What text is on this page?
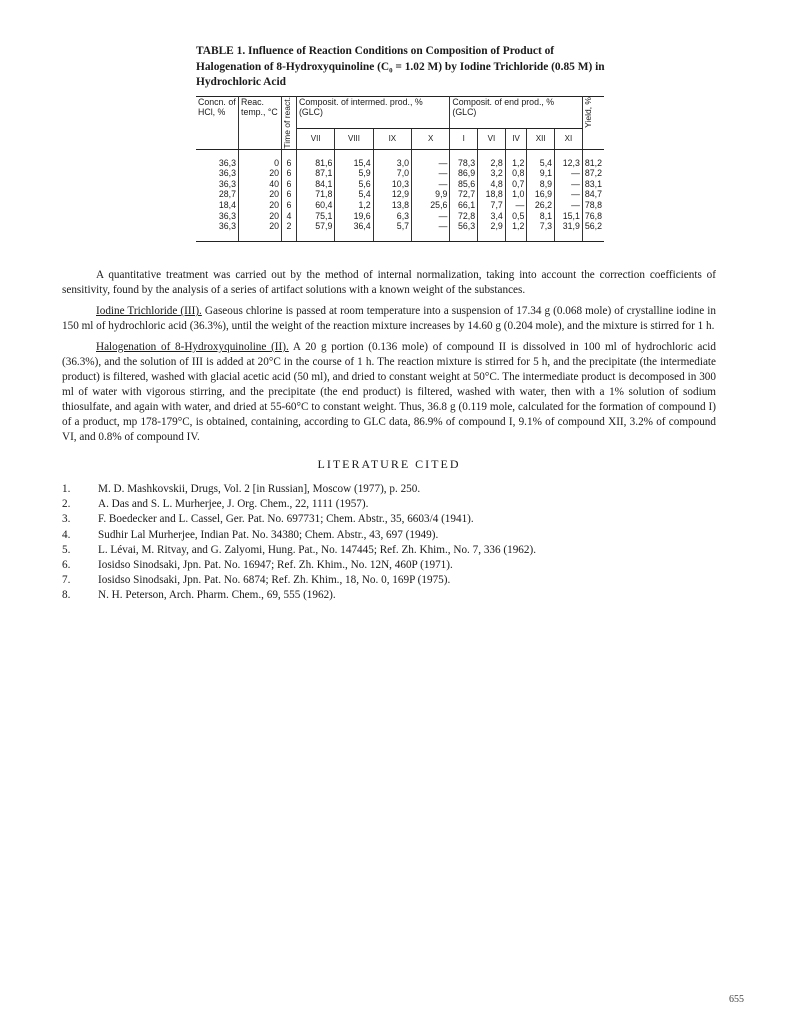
TABLE 1. Influence of Reaction Conditions on Composition of Product of Halogenation of 8-Hydroxyquinoline (C₀ = 1.02 M) by Iodine Trichloride (0.85 M) in Hydrochloric Acid
Concn. of HCl, %	Reac. temp., °C	Time of react.	Composit. of intermed. prod., % (GLC)				Composit. of end prod., % (GLC)					Yield, %

			VII	VIII	IX	X	I	VI	IV	XII	XI	
36,3	0	6	81,6	15,4	3,0	—	78,3	2,8	1,2	5,4	12,3	81,2
36,3	20	6	87,1	5,9	7,0	—	86,9	3,2	0,8	9,1	—	87,2
36,3	40	6	84,1	5,6	10,3	—	85,6	4,8	0,7	8,9	—	83,1
28,7	20	6	71,8	5,4	12,9	9,9	72,7	18,8	1,0	16,9	—	84,7
18,4	20	6	60,4	1,2	13,8	25,6	66,1	7,7	—	26,2	—	78,8
36,3	20	4	75,1	19,6	6,3	—	72,8	3,4	0,5	8,1	15,1	76,8
36,3	20	2	57,9	36,4	5,7	—	56,3	2,9	1,2	7,3	31,9	56,2

A quantitative treatment was carried out by the method of internal normalization, taking into account the correction coefficients of sensitivity, found by the analysis of a series of artifact solutions with a known weight of the substances.

Iodine Trichloride (III). Gaseous chlorine is passed at room temperature into a suspension of 17.34 g (0.068 mole) of crystalline iodine in 150 ml of hydrochloric acid (36.3%), until the weight of the reaction mixture increases by 14.60 g (0.204 mole), and the mixture is stirred for 1 h.

Halogenation of 8-Hydroxyquinoline (II). A 20 g portion (0.136 mole) of compound II is dissolved in 100 ml of hydrochloric acid (36.3%), and the solution of III is added at 20°C in the course of 1 h. The reaction mixture is stirred for 5 h, and the precipitate (the intermediate product) is filtered, washed with glacial acetic acid (50 ml), and dried to constant weight at 50°C. The intermediate product is decomposed in 300 ml of water with vigorous stirring, and the precipitate (the end product) is filtered, washed with water, then with a 1% solution of sodium thiosulfate, and again with water, and dried at 55-60°C to constant weight. Thus, 36.8 g (0.119 mole, calculated for the formation of compound I) of a product, mp 178-179°C, is obtained, containing, according to GLC data, 86.9% of compound I, 9.1% of compound XII, 3.2% of compound VI, and 0.8% of compound IV.

LITERATURE CITED
1.	M. D. Mashkovskii, Drugs, Vol. 2 [in Russian], Moscow (1977), p. 250.
2.	A. Das and S. L. Murherjee, J. Org. Chem., 22, 1111 (1957).
3.	F. Boedecker and L. Cassel, Ger. Pat. No. 697731; Chem. Abstr., 35, 6603/4 (1941).
4.	Sudhir Lal Murherjee, Indian Pat. No. 34380; Chem. Abstr., 43, 697 (1949).
5.	L. Lévai, M. Ritvay, and G. Zalyomi, Hung. Pat., No. 147445; Ref. Zh. Khim., No. 7, 336 (1962).
6.	Iosidso Sinodsaki, Jpn. Pat. No. 16947; Ref. Zh. Khim., No. 12N, 460P (1971).
7.	Iosidso Sinodsaki, Jpn. Pat. No. 6874; Ref. Zh. Khim., 18, No. 0, 169P (1975).
8.	N. H. Peterson, Arch. Pharm. Chem., 69, 555 (1962).
655
